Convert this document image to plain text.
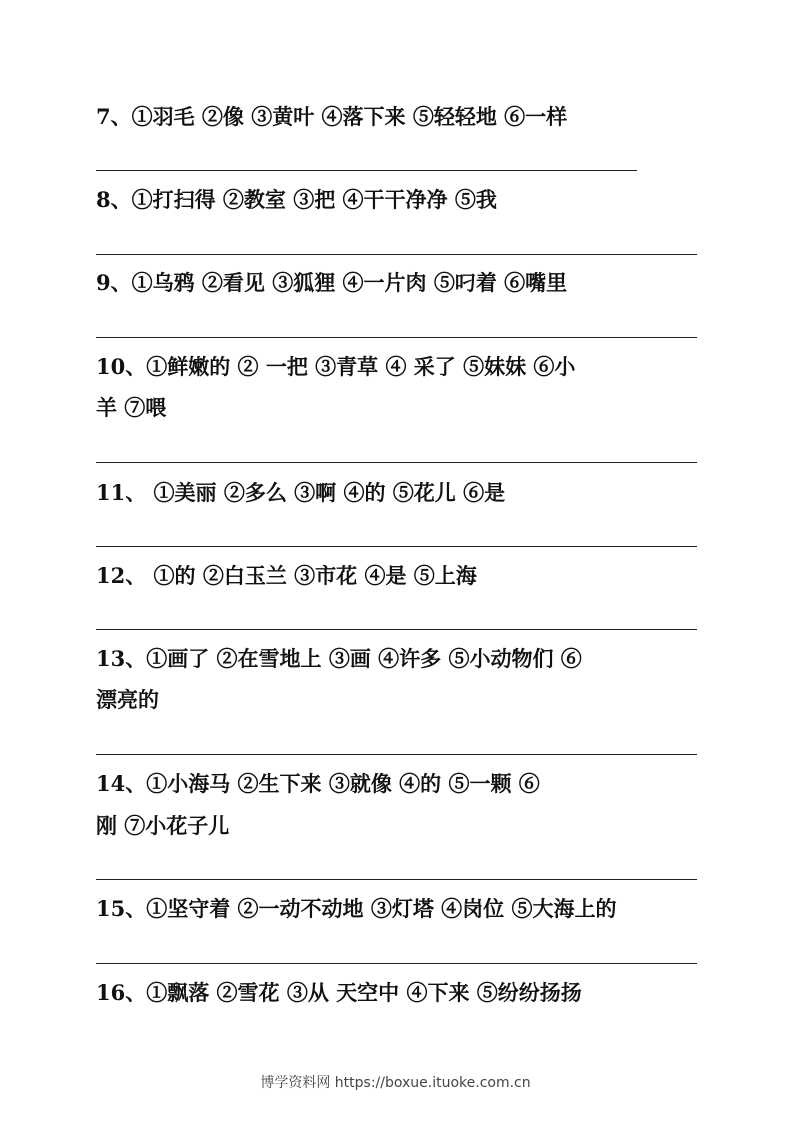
7、①羽毛 ②像 ③黄叶 ④落下来 ⑤轻轻地 ⑥一样
8、①打扫得 ②教室 ③把 ④干干净净 ⑤我
9、①乌鸦 ②看见 ③狐狸 ④一片肉 ⑤叼着 ⑥嘴里
10、①鲜嫩的 ② 一把 ③青草 ④ 采了 ⑤妹妹 ⑥小
羊 ⑦喂
11、 ①美丽 ②多么 ③啊 ④的 ⑤花儿 ⑥是
12、 ①的 ②白玉兰 ③市花 ④是 ⑤上海
13、①画了 ②在雪地上 ③画 ④许多 ⑤小动物们 ⑥
漂亮的
14、①小海马 ②生下来 ③就像 ④的 ⑤一颗 ⑥
刚 ⑦小花子儿
15、①坚守着 ②一动不动地 ③灯塔 ④岗位 ⑤大海上的
16、①飘落 ②雪花 ③从 天空中 ④下来 ⑤纷纷扬扬
博学资料网 https://boxue.ituoke.com.cn
